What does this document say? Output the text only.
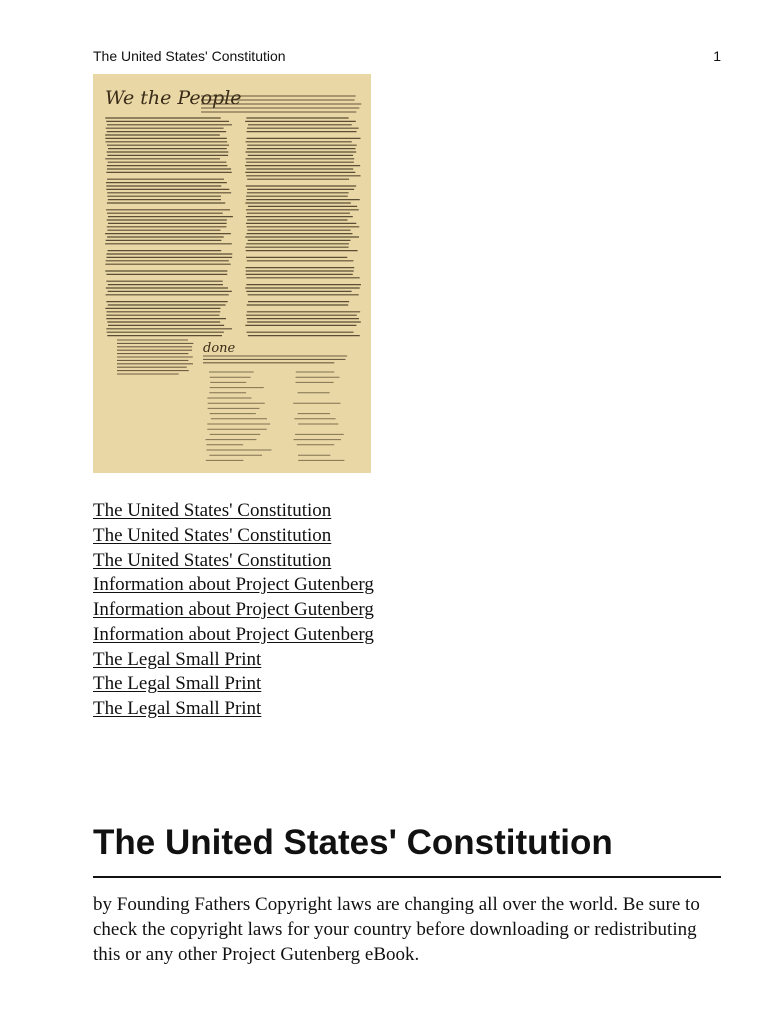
The United States' Constitution	1
We the People
done
The United States' Constitution
The United States' Constitution
The United States' Constitution
Information about Project Gutenberg
Information about Project Gutenberg
Information about Project Gutenberg
The Legal Small Print
The Legal Small Print
The Legal Small Print
The United States' Constitution

by Founding Fathers Copyright laws are changing all over the world. Be sure to check the copyright laws for your country before downloading or redistributing this or any other Project Gutenberg eBook.
